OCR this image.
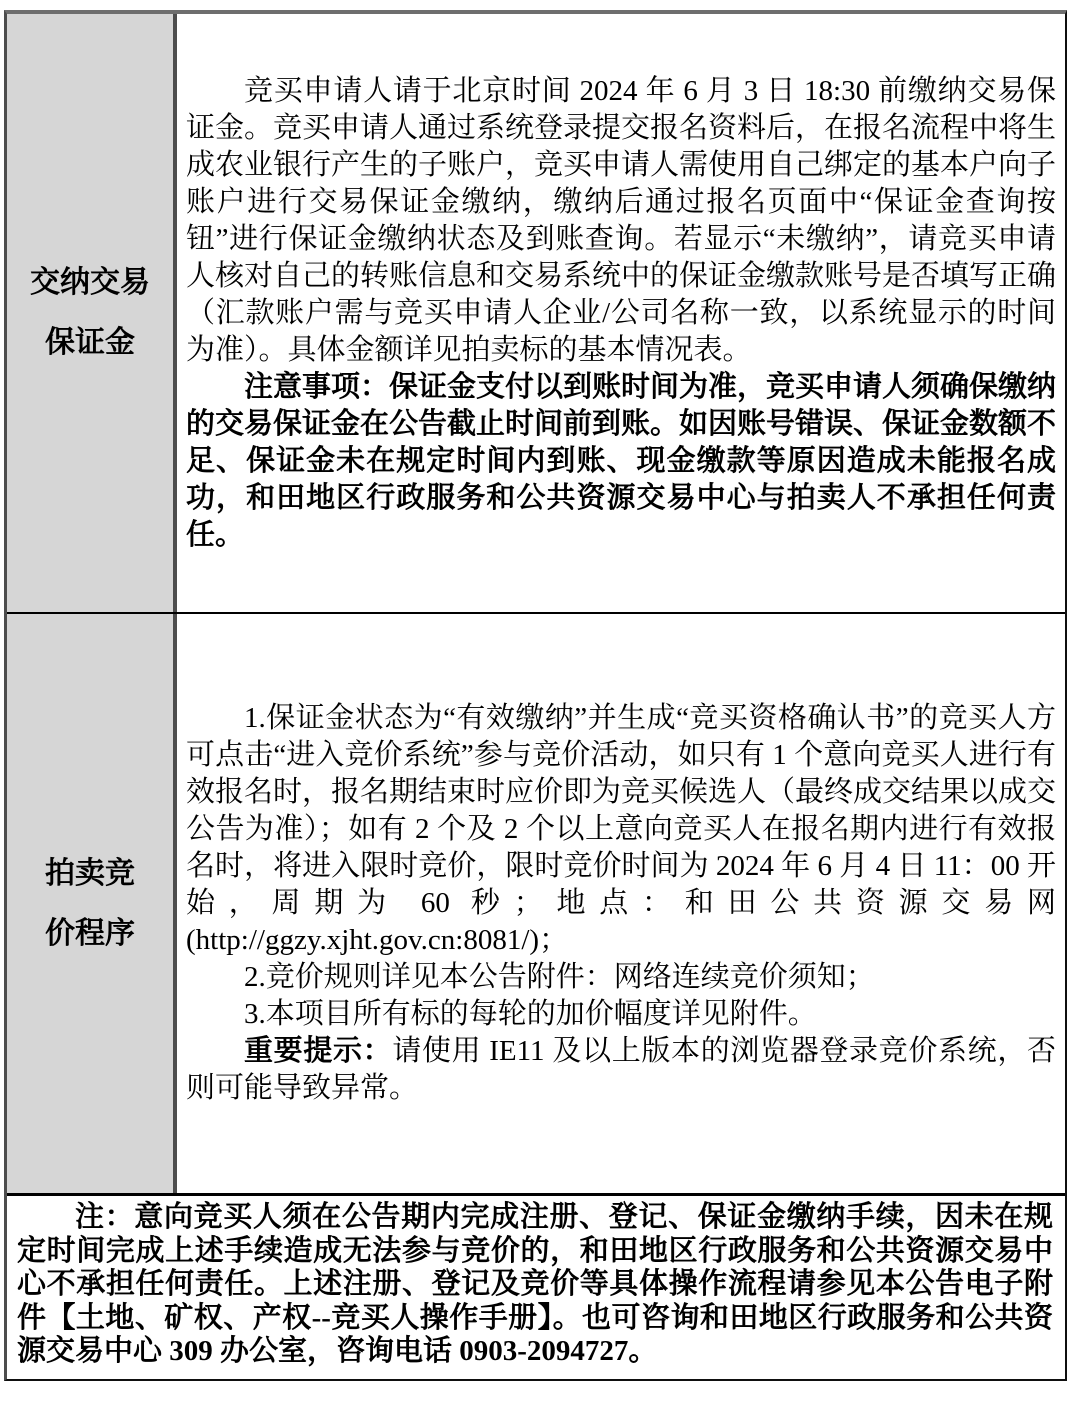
交纳交易
保证金

竞买申请人请于北京时间 2024 年 6 月 3 日 18:30 前缴纳交易保证金。竞买申请人通过系统登录提交报名资料后，在报名流程中将生成农业银行产生的子账户，竞买申请人需使用自己绑定的基本户向子账户进行交易保证金缴纳，缴纳后通过报名页面中“保证金查询按钮”进行保证金缴纳状态及到账查询。若显示“未缴纳”，请竞买申请人核对自己的转账信息和交易系统中的保证金缴款账号是否填写正确（汇款账户需与竞买申请人企业/公司名称一致，以系统显示的时间为准）。具体金额详见拍卖标的基本情况表。

注意事项：保证金支付以到账时间为准，竞买申请人须确保缴纳的交易保证金在公告截止时间前到账。如因账号错误、保证金数额不足、保证金未在规定时间内到账、现金缴款等原因造成未能报名成功，和田地区行政服务和公共资源交易中心与拍卖人不承担任何责任。

拍卖竞
价程序

1.保证金状态为“有效缴纳”并生成“竞买资格确认书”的竞买人方可点击“进入竞价系统”参与竞价活动，如只有 1 个意向竞买人进行有效报名时，报名期结束时应价即为竞买候选人（最终成交结果以成交公告为准）；如有 2 个及 2 个以上意向竞买人在报名期内进行有效报名时，将进入限时竞价，限时竞价时间为 2024 年 6 月 4 日 11：00 开始，周期为 60 秒；地点：和田公共资源交易网 (http://ggzy.xjht.gov.cn:8081/)；

2.竞价规则详见本公告附件：网络连续竞价须知；

3.本项目所有标的每轮的加价幅度详见附件。

重要提示：请使用 IE11 及以上版本的浏览器登录竞价系统，否则可能导致异常。

注：意向竞买人须在公告期内完成注册、登记、保证金缴纳手续，因未在规定时间完成上述手续造成无法参与竞价的，和田地区行政服务和公共资源交易中心不承担任何责任。上述注册、登记及竞价等具体操作流程请参见本公告电子附件【土地、矿权、产权--竞买人操作手册】。也可咨询和田地区行政服务和公共资源交易中心 309 办公室，咨询电话 0903-2094727。
